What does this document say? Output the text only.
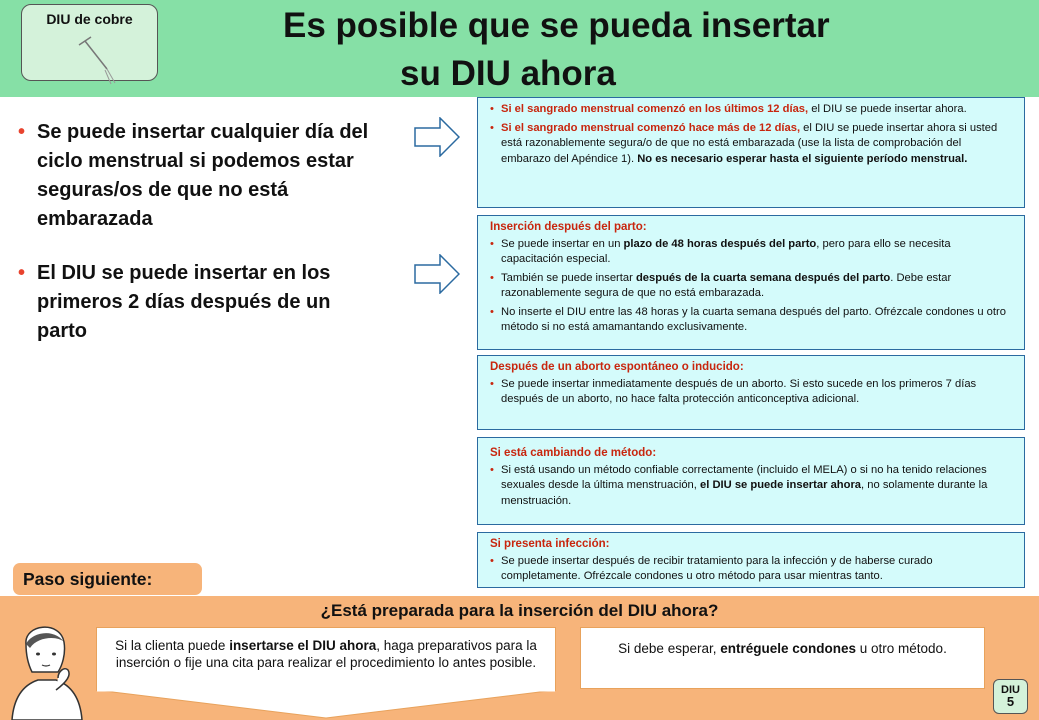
DIU de cobre	Es posible que se pueda insertar
su DIU ahora
• Se puede insertar cualquier día del ciclo menstrual si podemos estar seguras/os de que no está embarazada
• El DIU se puede insertar en los primeros 2 días después de un parto
• Si el sangrado menstrual comenzó en los últimos 12 días, el DIU se puede insertar ahora.
• Si el sangrado menstrual comenzó hace más de 12 días, el DIU se puede insertar ahora si usted está razonablemente segura/o de que no está embarazada (use la lista de comprobación del embarazo del Apéndice 1). No es necesario esperar hasta el siguiente período menstrual.
Inserción después del parto:
• Se puede insertar en un plazo de 48 horas después del parto, pero para ello se necesita capacitación especial.
• También se puede insertar después de la cuarta semana después del parto. Debe estar razonablemente segura de que no está embarazada.
• No inserte el DIU entre las 48 horas y la cuarta semana después del parto. Ofrézcale condones u otro método si no está amamantando exclusivamente.
Después de un aborto espontáneo o inducido:
• Se puede insertar inmediatamente después de un aborto. Si esto sucede en los primeros 7 días después de un aborto, no hace falta protección anticonceptiva adicional.
Si está cambiando de método:
• Si está usando un método confiable correctamente (incluido el MELA) o si no ha tenido relaciones sexuales desde la última menstruación, el DIU se puede insertar ahora, no solamente durante la menstruación.
Si presenta infección:
• Se puede insertar después de recibir tratamiento para la infección y de haberse curado completamente. Ofrézcale condones u otro método para usar mientras tanto.
Paso siguiente:
¿Está preparada para la inserción del DIU ahora?
Si la clienta puede insertarse el DIU ahora, haga preparativos para la inserción o fije una cita para realizar el procedimiento lo antes posible.
Si debe esperar, entréguele condones u otro método.
DIU
5
